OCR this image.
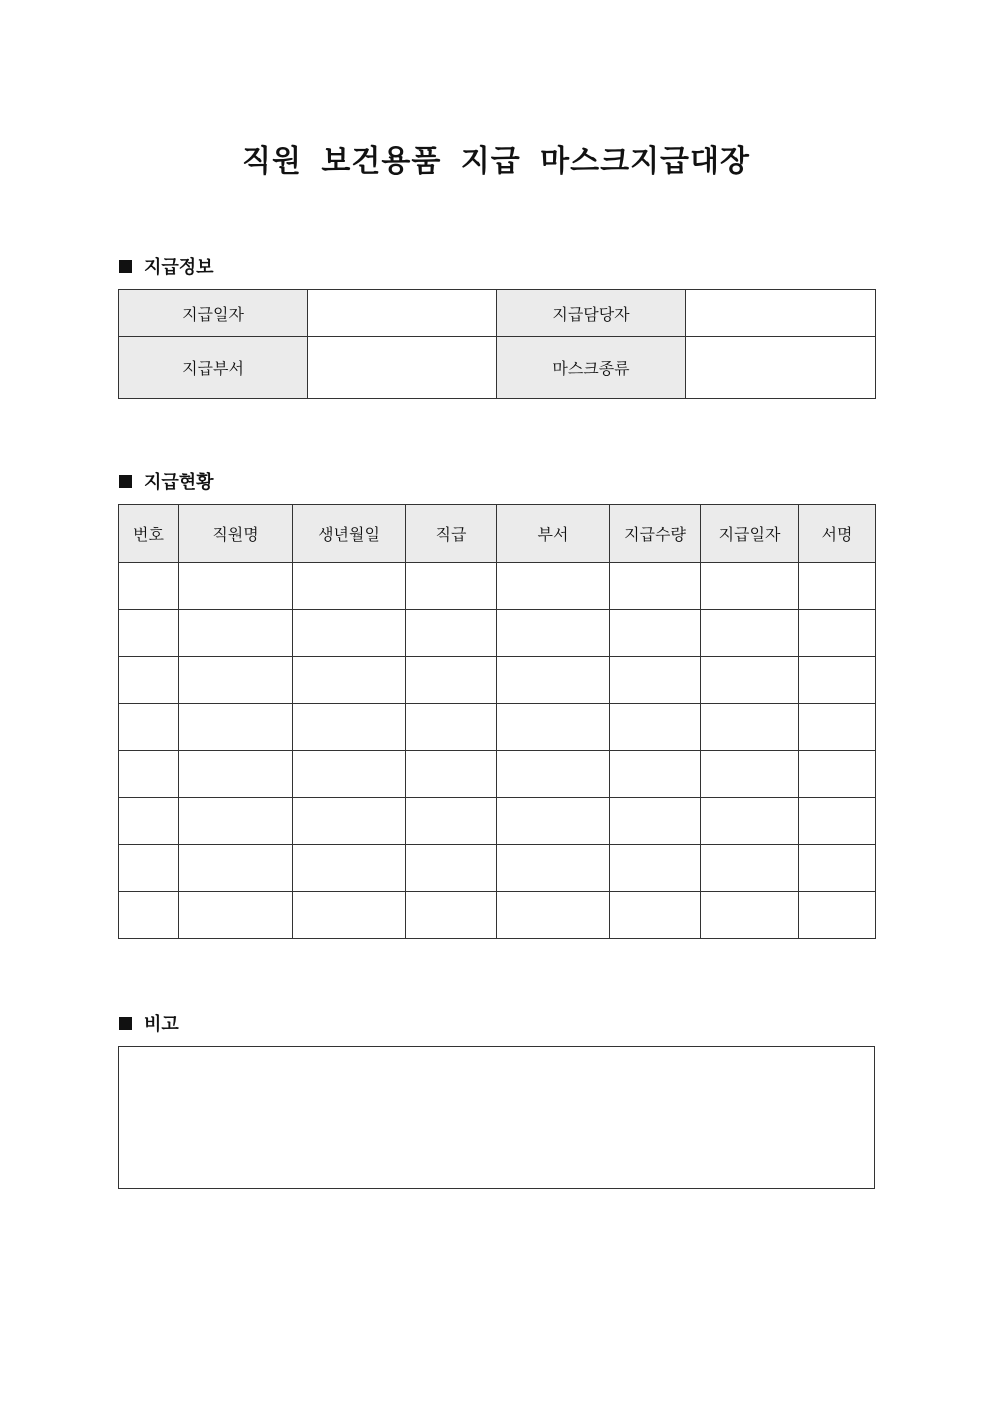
직원 보건용품 지급 마스크지급대장
지급정보
지급일자		지급담당자	
지급부서		마스크종류	
지급현황
번호	직원명	생년월일	직급	부서	지급수량	지급일자	서명

비고
